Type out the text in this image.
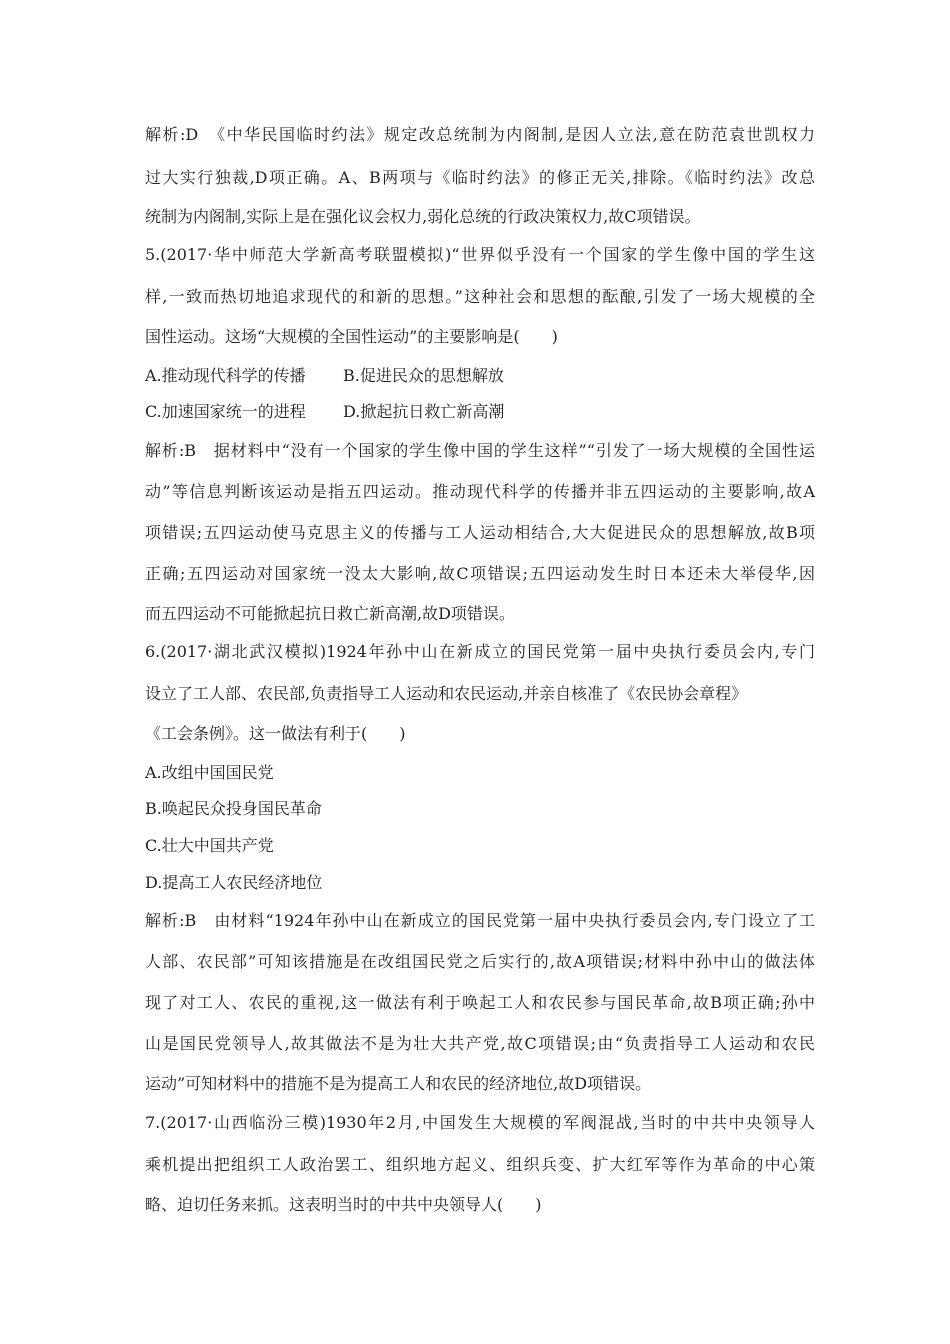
解析:D　《中华民国临时约法》规定改总统制为内阁制,是因人立法,意在防范袁世凯权力
过大实行独裁,D项正确。A、B两项与《临时约法》的修正无关,排除。《临时约法》改总
统制为内阁制,实际上是在强化议会权力,弱化总统的行政决策权力,故C项错误。
5.(2017·华中师范大学新高考联盟模拟)“世界似乎没有一个国家的学生像中国的学生这
样,一致而热切地追求现代的和新的思想。”这种社会和思想的酝酿,引发了一场大规模的全
国性运动。这场“大规模的全国性运动”的主要影响是(　　)
A.推动现代科学的传播	B.促进民众的思想解放
C.加速国家统一的进程	D.掀起抗日救亡新高潮
解析:B　据材料中“没有一个国家的学生像中国的学生这样”“引发了一场大规模的全国性运
动”等信息判断该运动是指五四运动。推动现代科学的传播并非五四运动的主要影响,故A
项错误;五四运动使马克思主义的传播与工人运动相结合,大大促进民众的思想解放,故B项
正确;五四运动对国家统一没太大影响,故C项错误;五四运动发生时日本还未大举侵华,因
而五四运动不可能掀起抗日救亡新高潮,故D项错误。
6.(2017·湖北武汉模拟)1924年孙中山在新成立的国民党第一届中央执行委员会内,专门
设立了工人部、农民部,负责指导工人运动和农民运动,并亲自核准了《农民协会章程》
《工会条例》。这一做法有利于(　　)
A.改组中国国民党
B.唤起民众投身国民革命
C.壮大中国共产党
D.提高工人农民经济地位
解析:B　由材料“1924年孙中山在新成立的国民党第一届中央执行委员会内,专门设立了工
人部、农民部”可知该措施是在改组国民党之后实行的,故A项错误;材料中孙中山的做法体
现了对工人、农民的重视,这一做法有利于唤起工人和农民参与国民革命,故B项正确;孙中
山是国民党领导人,故其做法不是为壮大共产党,故C项错误;由“负责指导工人运动和农民
运动”可知材料中的措施不是为提高工人和农民的经济地位,故D项错误。
7.(2017·山西临汾三模)1930年2月,中国发生大规模的军阀混战,当时的中共中央领导人
乘机提出把组织工人政治罢工、组织地方起义、组织兵变、扩大红军等作为革命的中心策
略、迫切任务来抓。这表明当时的中共中央领导人(　　)
